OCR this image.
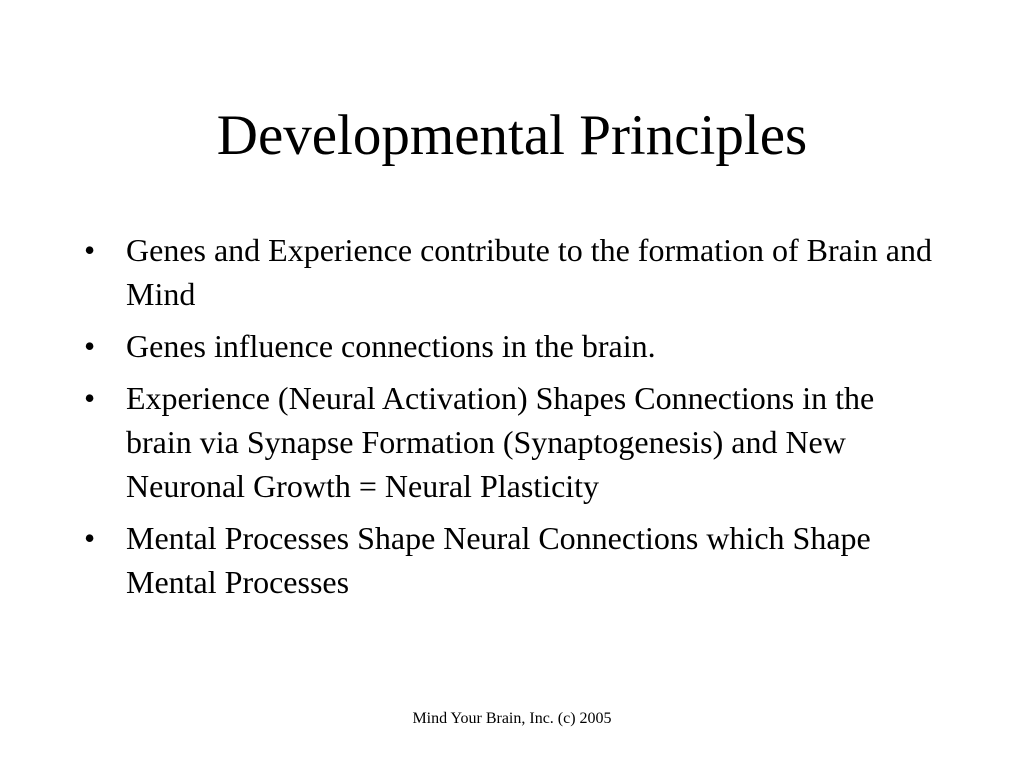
Developmental Principles
• Genes and Experience contribute to the formation of Brain and Mind
• Genes influence connections in the brain.
• Experience (Neural Activation) Shapes Connections in the brain via Synapse Formation (Synaptogenesis) and New Neuronal Growth = Neural Plasticity
• Mental Processes Shape Neural Connections which Shape Mental Processes
Mind Your Brain, Inc. (c) 2005
